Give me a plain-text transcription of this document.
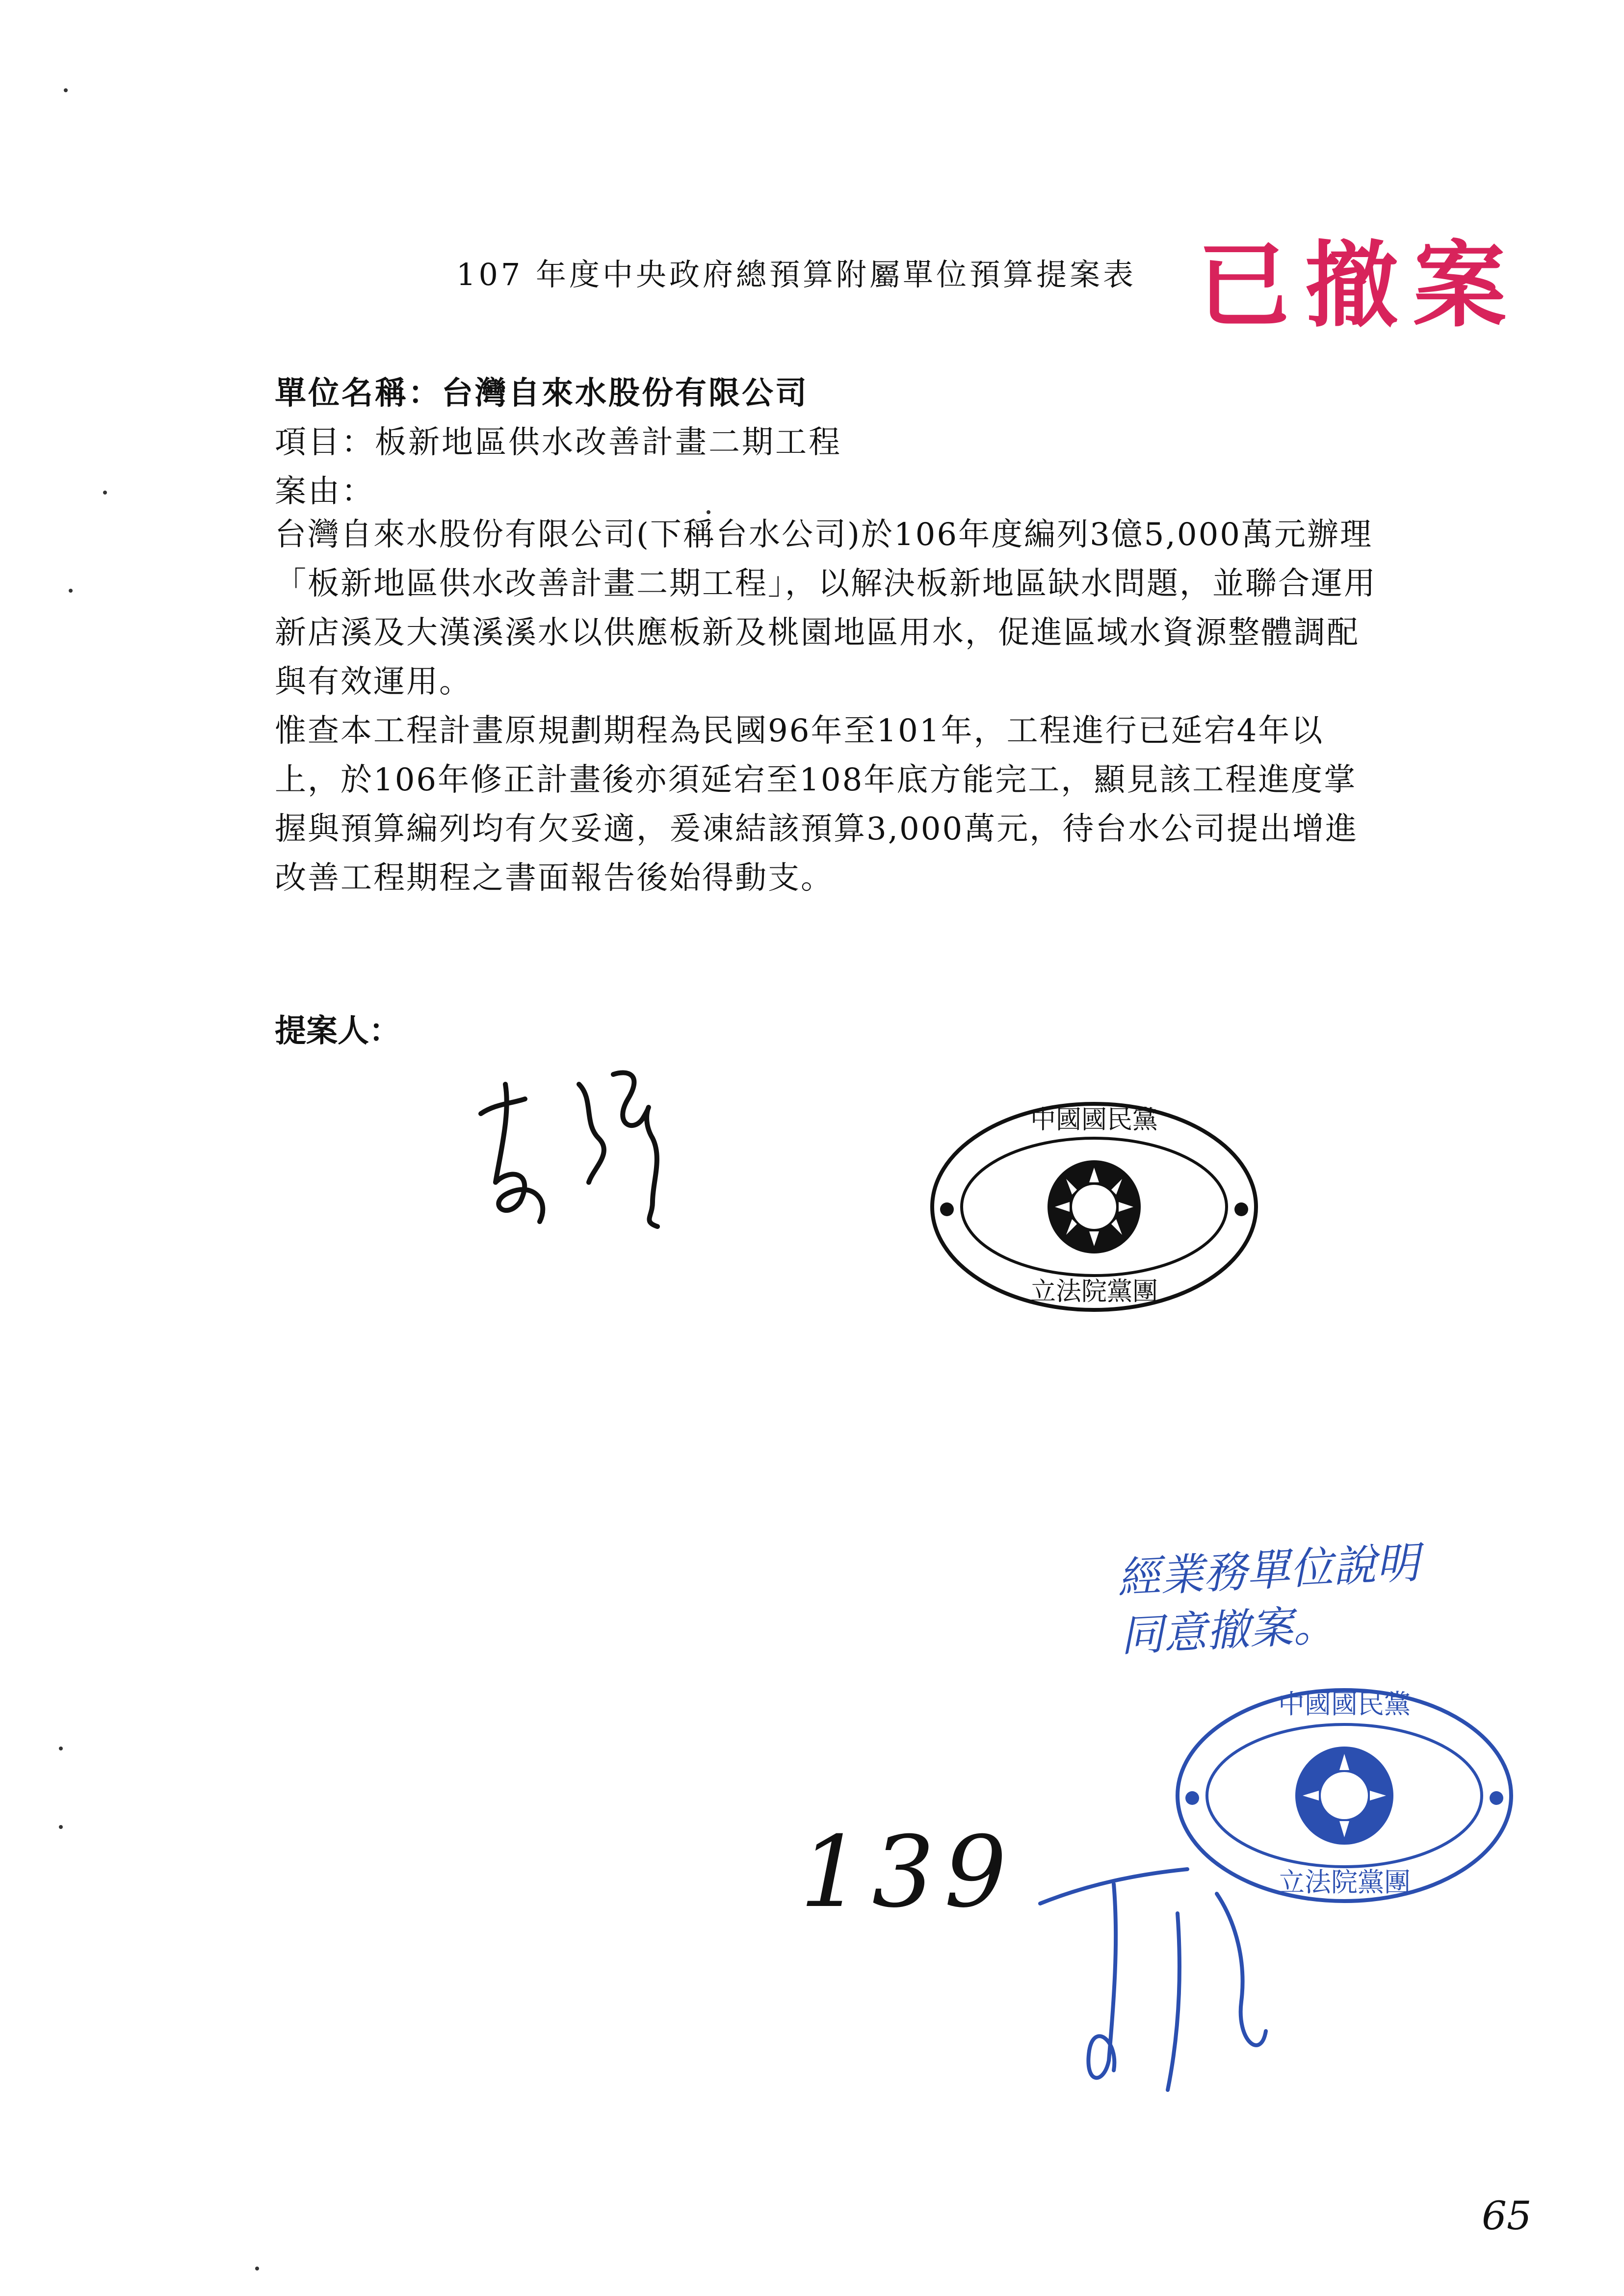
107 年度中央政府總預算附屬單位預算提案表 已撤案
單位名稱：台灣自來水股份有限公司
項目：板新地區供水改善計畫二期工程
案由：

台灣自來水股份有限公司(下稱台水公司)於106年度編列3億5,000萬元辦理「板新地區供水改善計畫二期工程」，以解決板新地區缺水問題，並聯合運用新店溪及大漢溪溪水以供應板新及桃園地區用水，促進區域水資源整體調配與有效運用。

惟查本工程計畫原規劃期程為民國96年至101年，工程進行已延宕4年以上，於106年修正計畫後亦須延宕至108年底方能完工，顯見該工程進度掌握與預算編列均有欠妥適，爰凍結該預算3,000萬元，待台水公司提出增進改善工程期程之書面報告後始得動支。

提案人：
中國國民黨
立法院黨團
經業務單位說明同意撤案。
中國國民黨
立法院黨團
139
65
